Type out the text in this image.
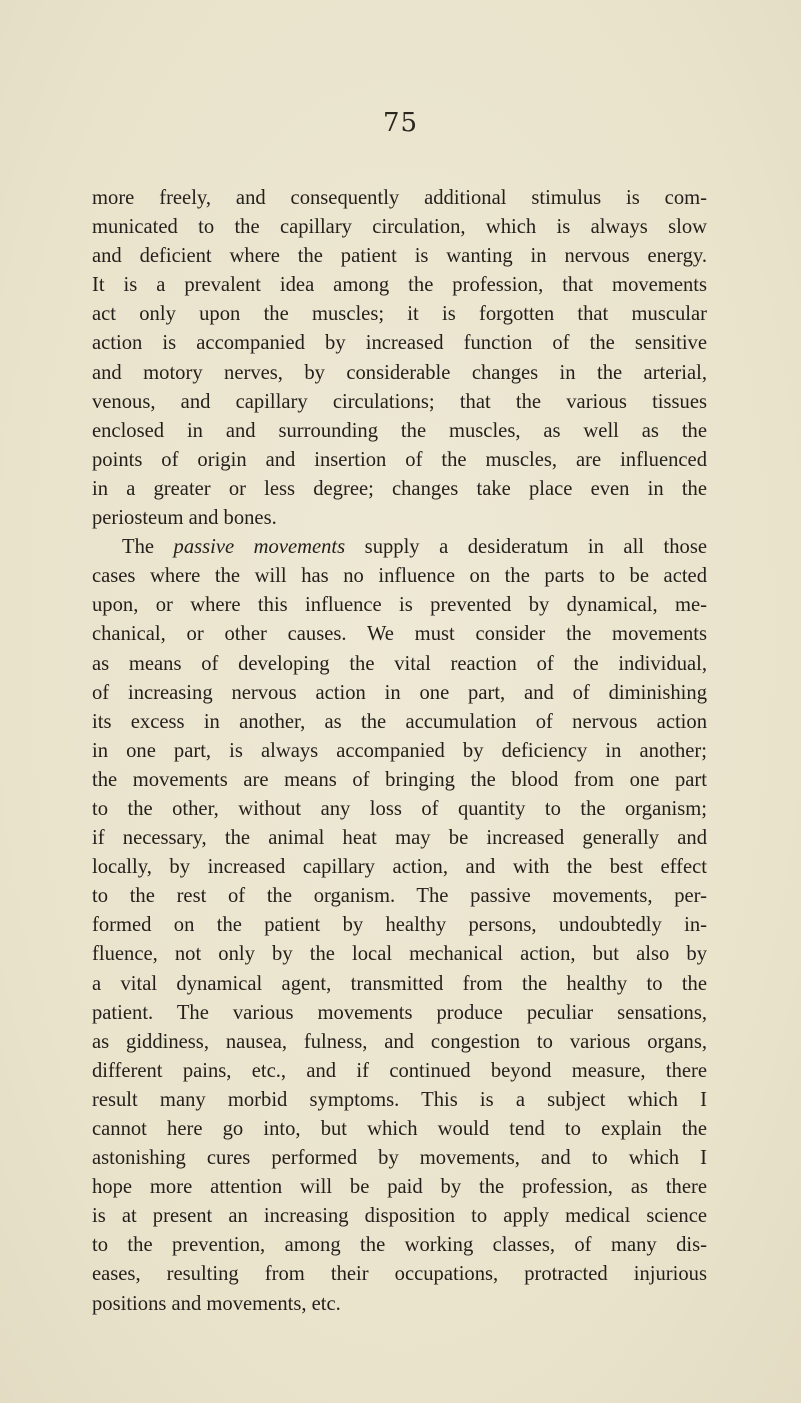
75
more freely, and consequently additional stimulus is com-
municated to the capillary circulation, which is always slow
and deficient where the patient is wanting in nervous energy.
It is a prevalent idea among the profession, that movements
act only upon the muscles; it is forgotten that muscular
action is accompanied by increased function of the sensitive
and motory nerves, by considerable changes in the arterial,
venous, and capillary circulations; that the various tissues
enclosed in and surrounding the muscles, as well as the
points of origin and insertion of the muscles, are influenced
in a greater or less degree; changes take place even in the
periosteum and bones.
The passive movements supply a desideratum in all those
cases where the will has no influence on the parts to be acted
upon, or where this influence is prevented by dynamical, me-
chanical, or other causes. We must consider the movements
as means of developing the vital reaction of the individual,
of increasing nervous action in one part, and of diminishing
its excess in another, as the accumulation of nervous action
in one part, is always accompanied by deficiency in another;
the movements are means of bringing the blood from one part
to the other, without any loss of quantity to the organism;
if necessary, the animal heat may be increased generally and
locally, by increased capillary action, and with the best effect
to the rest of the organism. The passive movements, per-
formed on the patient by healthy persons, undoubtedly in-
fluence, not only by the local mechanical action, but also by
a vital dynamical agent, transmitted from the healthy to the
patient. The various movements produce peculiar sensations,
as giddiness, nausea, fulness, and congestion to various organs,
different pains, etc., and if continued beyond measure, there
result many morbid symptoms. This is a subject which I
cannot here go into, but which would tend to explain the
astonishing cures performed by movements, and to which I
hope more attention will be paid by the profession, as there
is at present an increasing disposition to apply medical science
to the prevention, among the working classes, of many dis-
eases, resulting from their occupations, protracted injurious
positions and movements, etc.
